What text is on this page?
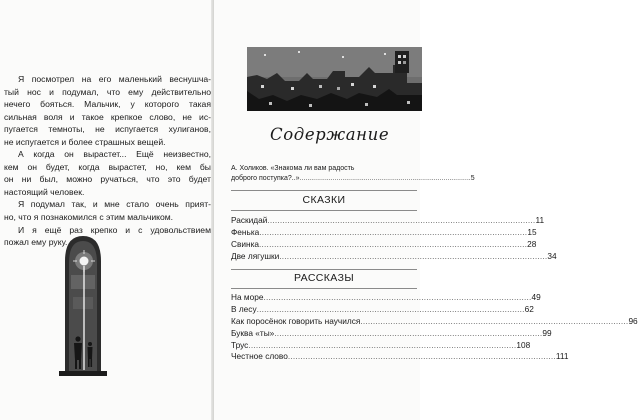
Я посмотрел на его маленький веснушча-
тый нос и подумал, что ему действительно
нечего бояться. Мальчик, у которого такая
сильная воля и такое крепкое слово, не ис-
пугается темноты, не испугается хулиганов,
не испугается и более страшных вещей.

А когда он вырастет... Ещё неизвестно,
кем он будет, когда вырастет, но, кем бы
он ни был, можно ручаться, что это будет
настоящий человек.

Я подумал так, и мне стало очень прият-
но, что я познакомился с этим мальчиком.

И я ещё раз крепко и с удовольствием
пожал ему руку.

Содержание
А. Холиков. «Знакома ли вам радость
доброго поступка?..» ........................................................................................ 5
СКАЗКИ
Раскидай ........................................................................................................... 11
Фенька ........................................................................................................... 15
Свинка ........................................................................................................... 28
Две лягушки ........................................................................................................... 34
РАССКАЗЫ
На море ........................................................................................................... 49
В лесу ........................................................................................................... 62
Как поросёнок говорить научился ........................................................................................................... 96
Буква «ты» ........................................................................................................... 99
Трус ........................................................................................................... 108
Честное слово ........................................................................................................... 111
